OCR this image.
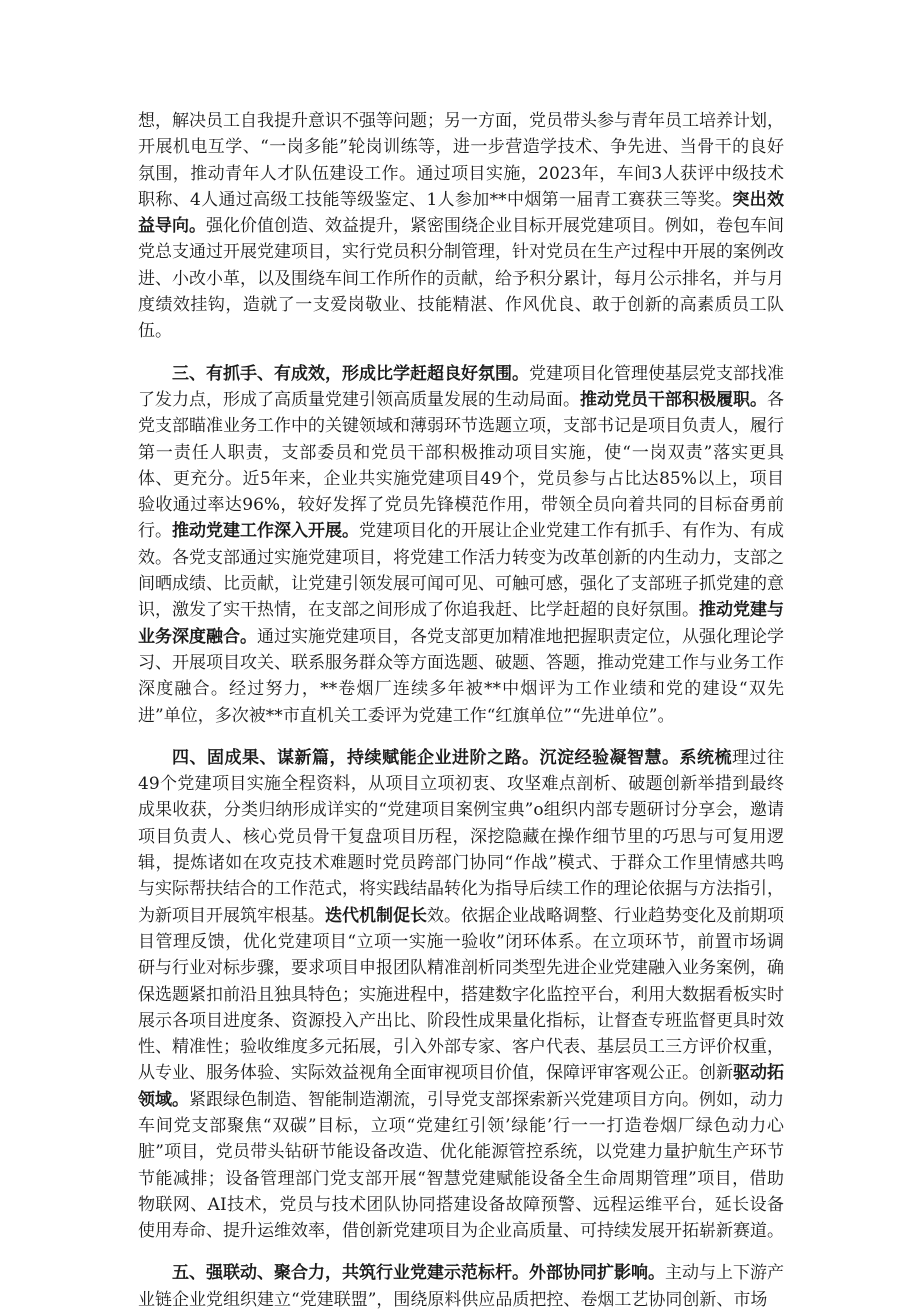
想，解决员工自我提升意识不强等问题；另一方面，党员带头参与青年员工培养计划，开展机电互学、“一岗多能”轮岗训练等，进一步营造学技术、争先进、当骨干的良好氛围，推动青年人才队伍建设工作。通过项目实施，2023年，车间3人获评中级技术职称、4人通过高级工技能等级鉴定、1人参加**中烟第一届青工赛获三等奖。突出效益导向。强化价值创造、效益提升，紧密围绕企业目标开展党建项目。例如，卷包车间党总支通过开展党建项目，实行党员积分制管理，针对党员在生产过程中开展的案例改进、小改小革，以及围绕车间工作所作的贡献，给予积分累计，每月公示排名，并与月度绩效挂钩，造就了一支爱岗敬业、技能精湛、作风优良、敢于创新的高素质员工队伍。

三、有抓手、有成效，形成比学赶超良好氛围。党建项目化管理使基层党支部找准了发力点，形成了高质量党建引领高质量发展的生动局面。推动党员干部积极履职。各党支部瞄准业务工作中的关键领域和薄弱环节选题立项，支部书记是项目负责人，履行第一责任人职责，支部委员和党员干部积极推动项目实施，使“一岗双责”落实更具体、更充分。近5年来，企业共实施党建项目49个，党员参与占比达85%以上，项目验收通过率达96%，较好发挥了党员先锋模范作用，带领全员向着共同的目标奋勇前行。推动党建工作深入开展。党建项目化的开展让企业党建工作有抓手、有作为、有成效。各党支部通过实施党建项目，将党建工作活力转变为改革创新的内生动力，支部之间晒成绩、比贡献，让党建引领发展可闻可见、可触可感，强化了支部班子抓党建的意识，激发了实干热情，在支部之间形成了你追我赶、比学赶超的良好氛围。推动党建与业务深度融合。通过实施党建项目，各党支部更加精准地把握职责定位，从强化理论学习、开展项目攻关、联系服务群众等方面选题、破题、答题，推动党建工作与业务工作深度融合。经过努力，**卷烟厂连续多年被**中烟评为工作业绩和党的建设“双先进”单位，多次被**市直机关工委评为党建工作“红旗单位”“先进单位”。

四、固成果、谋新篇，持续赋能企业进阶之路。沉淀经验凝智慧。系统梳理过往49个党建项目实施全程资料，从项目立项初衷、攻坚难点剖析、破题创新举措到最终成果收获，分类归纳形成详实的“党建项目案例宝典”o组织内部专题研讨分享会，邀请项目负责人、核心党员骨干复盘项目历程，深挖隐藏在操作细节里的巧思与可复用逻辑，提炼诸如在攻克技术难题时党员跨部门协同“作战”模式、于群众工作里情感共鸣与实际帮扶结合的工作范式，将实践结晶转化为指导后续工作的理论依据与方法指引，为新项目开展筑牢根基。迭代机制促长效。依据企业战略调整、行业趋势变化及前期项目管理反馈，优化党建项目“立项一实施一验收”闭环体系。在立项环节，前置市场调研与行业对标步骤，要求项目申报团队精准剖析同类型先进企业党建融入业务案例，确保选题紧扣前沿且独具特色；实施进程中，搭建数字化监控平台，利用大数据看板实时展示各项目进度条、资源投入产出比、阶段性成果量化指标，让督查专班监督更具时效性、精准性；验收维度多元拓展，引入外部专家、客户代表、基层员工三方评价权重，从专业、服务体验、实际效益视角全面审视项目价值，保障评审客观公正。创新驱动拓领域。紧跟绿色制造、智能制造潮流，引导党支部探索新兴党建项目方向。例如，动力车间党支部聚焦“双碳”目标，立项“党建红引领’绿能’行一一打造卷烟厂绿色动力心脏”项目，党员带头钻研节能设备改造、优化能源管控系统，以党建力量护航生产环节节能减排；设备管理部门党支部开展“智慧党建赋能设备全生命周期管理”项目，借助物联网、AI技术，党员与技术团队协同搭建设备故障预警、远程运维平台，延长设备使用寿命、提升运维效率，借创新党建项目为企业高质量、可持续发展开拓崭新赛道。

五、强联动、聚合力，共筑行业党建示范标杆。外部协同扩影响。主动与上下游产业链企业党组织建立“党建联盟”，围绕原料供应品质把控、卷烟工艺协同创新、市场
